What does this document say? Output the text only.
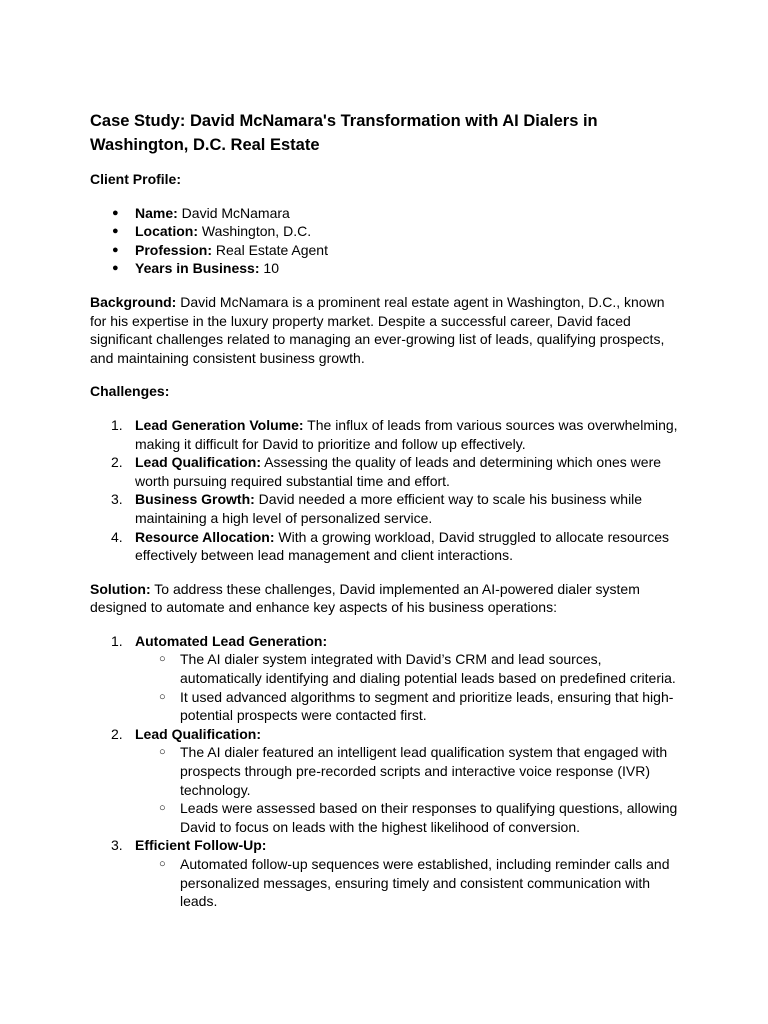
Case Study: David McNamara's Transformation with AI Dialers in Washington, D.C. Real Estate

Client Profile:

● Name: David McNamara
● Location: Washington, D.C.
● Profession: Real Estate Agent
● Years in Business: 10

Background: David McNamara is a prominent real estate agent in Washington, D.C., known for his expertise in the luxury property market. Despite a successful career, David faced significant challenges related to managing an ever-growing list of leads, qualifying prospects, and maintaining consistent business growth.

Challenges:

1. Lead Generation Volume: The influx of leads from various sources was overwhelming, making it difficult for David to prioritize and follow up effectively.
2. Lead Qualification: Assessing the quality of leads and determining which ones were worth pursuing required substantial time and effort.
3. Business Growth: David needed a more efficient way to scale his business while maintaining a high level of personalized service.
4. Resource Allocation: With a growing workload, David struggled to allocate resources effectively between lead management and client interactions.

Solution: To address these challenges, David implemented an AI-powered dialer system designed to automate and enhance key aspects of his business operations:

1. Automated Lead Generation:
○ The AI dialer system integrated with David’s CRM and lead sources, automatically identifying and dialing potential leads based on predefined criteria.
○ It used advanced algorithms to segment and prioritize leads, ensuring that high-potential prospects were contacted first.
2. Lead Qualification:
○ The AI dialer featured an intelligent lead qualification system that engaged with prospects through pre-recorded scripts and interactive voice response (IVR) technology.
○ Leads were assessed based on their responses to qualifying questions, allowing David to focus on leads with the highest likelihood of conversion.
3. Efficient Follow-Up:
○ Automated follow-up sequences were established, including reminder calls and personalized messages, ensuring timely and consistent communication with leads.
